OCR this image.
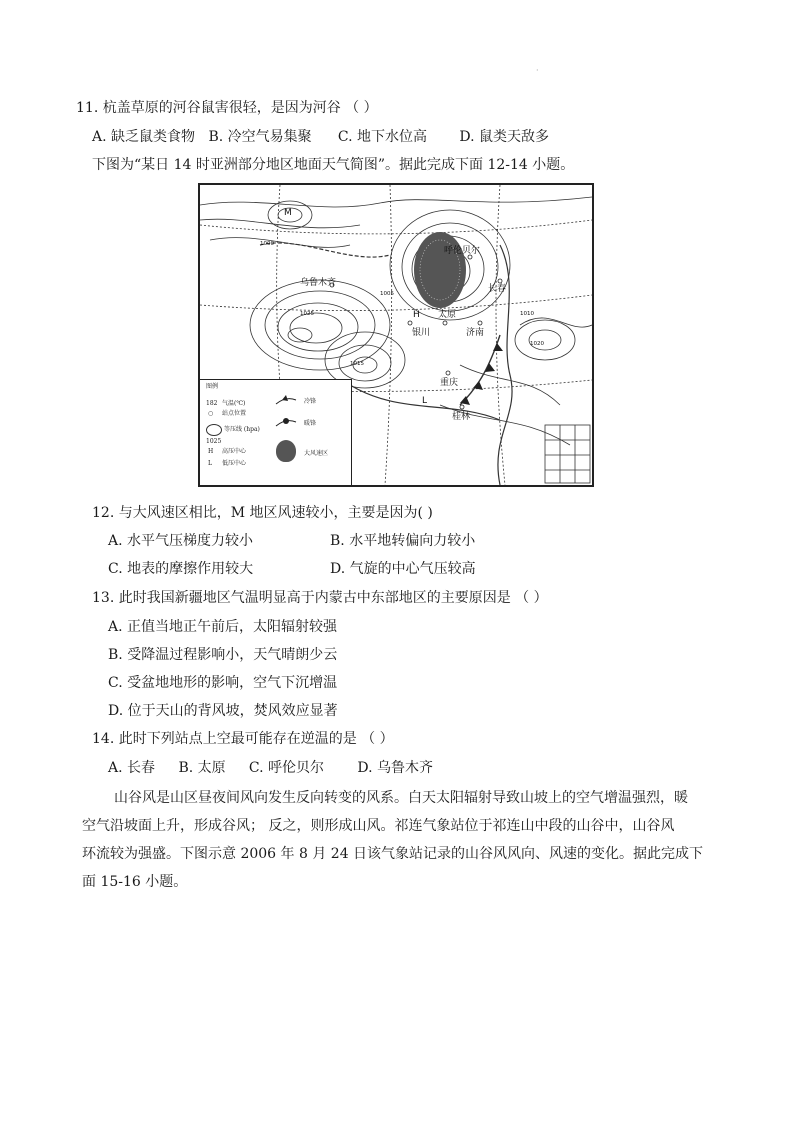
·
11. 杭盖草原的河谷鼠害很轻，是因为河谷 （ ）
A. 缺乏鼠类食物 B. 冷空气易集聚 C. 地下水位高 D. 鼠类天敌多
下图为“某日 14 时亚洲部分地区地面天气简图”。据此完成下面 12-14 小题。
M
乌鲁木齐
呼伦贝尔
长春
银川
太原
济南
重庆
桂林
H
L
1000
1005
1010
1015
1020
1025
图例
182 气温(℃)
○ 站点位置
1025
等压线 (hpa)
H 高压中心
L 低压中心
冷锋
暖锋
大风速区
12. 与大风速区相比，M 地区风速较小，主要是因为( )
A. 水平气压梯度力较小	B. 水平地转偏向力较小
C. 地表的摩擦作用较大	D. 气旋的中心气压较高
13. 此时我国新疆地区气温明显高于内蒙古中东部地区的主要原因是 （ ）
A. 正值当地正午前后，太阳辐射较强
B. 受降温过程影响小，天气晴朗少云
C. 受盆地地形的影响，空气下沉增温
D. 位于天山的背风坡，焚风效应显著
14. 此时下列站点上空最可能存在逆温的是 （ ）
A. 长春 B. 太原 C. 呼伦贝尔 D. 乌鲁木齐
山谷风是山区昼夜间风向发生反向转变的风系。白天太阳辐射导致山坡上的空气增温强烈，暖
空气沿坡面上升，形成谷风； 反之，则形成山风。祁连气象站位于祁连山中段的山谷中，山谷风
环流较为强盛。下图示意 2006 年 8 月 24 日该气象站记录的山谷风风向、风速的变化。据此完成下
面 15-16 小题。
